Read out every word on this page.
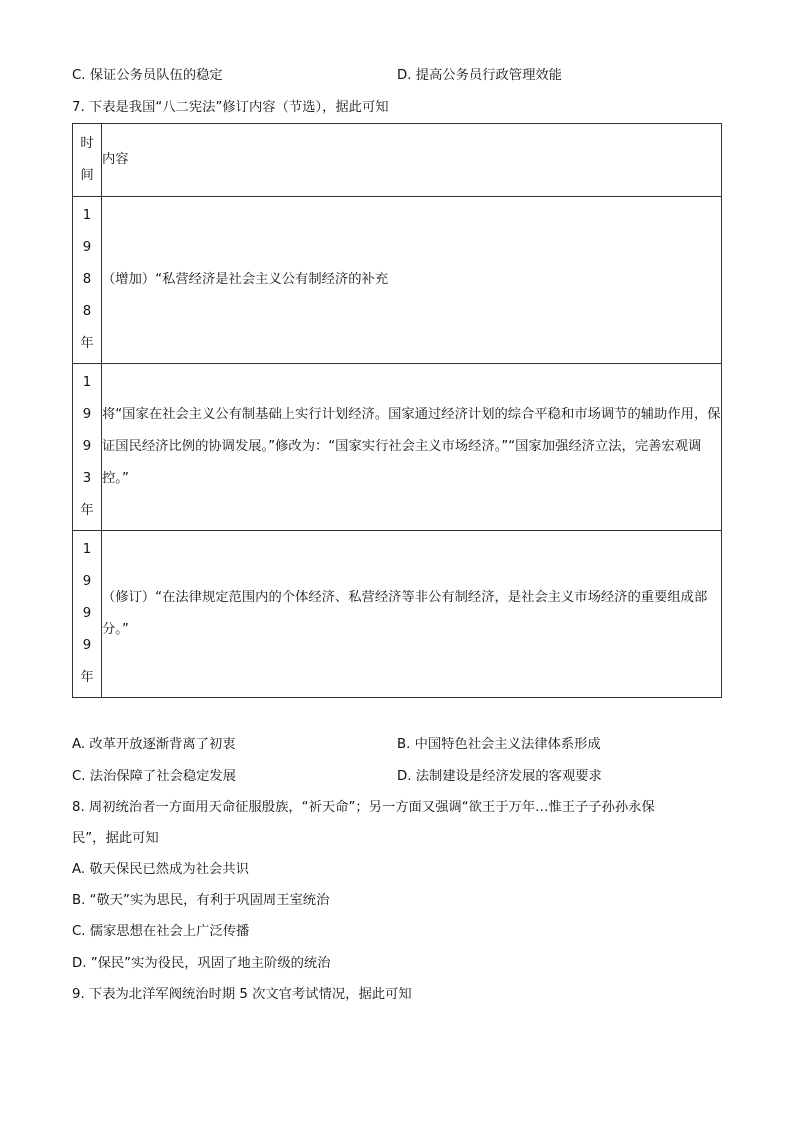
C. 保证公务员队伍的稳定	D. 提高公务员行政管理效能
7. 下表是我国“八二宪法”修订内容（节选），据此可知
时
间	内容

1
9
8
8
年	（增加）“私营经济是社会主义公有制经济的补充

1
9
9
3
年	将“国家在社会主义公有制基础上实行计划经济。国家通过经济计划的综合平稳和市场调节的辅助作用，保证国民经济比例的协调发展。”修改为：“国家实行社会主义市场经济。”“国家加强经济立法，完善宏观调控。”

1
9
9
9
年	（修订）“在法律规定范围内的个体经济、私营经济等非公有制经济，是社会主义市场经济的重要组成部分。”
A. 改革开放逐渐背离了初衷	B. 中国特色社会主义法律体系形成
C. 法治保障了社会稳定发展	D. 法制建设是经济发展的客观要求
8. 周初统治者一方面用天命征服殷族，“祈天命”；另一方面又强调“欲王于万年…惟王子子孙孙永保
民”，据此可知
A. 敬天保民已然成为社会共识
B. “敬天”实为思民，有利于巩固周王室统治
C. 儒家思想在社会上广泛传播
D. ”保民”实为役民，巩固了地主阶级的统治
9. 下表为北洋军阀统治时期 5 次文官考试情况，据此可知
